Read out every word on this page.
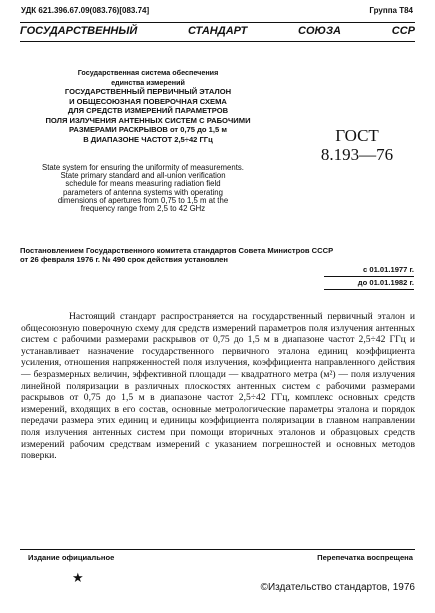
УДК 621.396.67.09(083.76)[083.74]	Группа Т84
ГОСУДАРСТВЕННЫЙ	СТАНДАРТ	СОЮЗА	ССР
Государственная система обеспечения
единства измерений
ГОСУДАРСТВЕННЫЙ ПЕРВИЧНЫЙ ЭТАЛОН
И ОБЩЕСОЮЗНАЯ ПОВЕРОЧНАЯ СХЕМА
ДЛЯ СРЕДСТВ ИЗМЕРЕНИЙ ПАРАМЕТРОВ
ПОЛЯ ИЗЛУЧЕНИЯ АНТЕННЫХ СИСТЕМ С РАБОЧИМИ
РАЗМЕРАМИ РАСКРЫВОВ от 0,75 до 1,5 м
В ДИАПАЗОНЕ ЧАСТОТ 2,5÷42 ГГц	ГОСТ
8.193—76
State system for ensuring the uniformity of measurements.
State primary standard and all-union verification
schedule for means measuring radiation field
parameters of antenna systems with operating
dimensions of apertures from 0,75 to 1,5 m at the
frequency range from 2,5 to 42 GHz
Постановлением Государственного комитета стандартов Совета Министров СССР
от 26 февраля 1976 г. № 490 срок действия установлен
с 01.01.1977 г.
до 01.01.1982 г.

Настоящий стандарт распространяется на государственный первичный эталон и общесоюзную поверочную схему для средств измерений параметров поля излучения антенных систем с рабочими размерами раскрывов от 0,75 до 1,5 м в диапазоне частот 2,5÷42 ГГц и устанавливает назначение государственного первичного эталона единиц коэффициента усиления, отношения напряженностей поля излучения, коэффициента направленного действия — безразмерных величин, эффективной площади — квадратного метра (м²) — поля излучения линейной поляризации в различных плоскостях антенных систем с рабочими размерами раскрывов от 0,75 до 1,5 м в диапазоне частот 2,5÷42 ГГц, комплекс основных средств измерений, входящих в его состав, основные метрологические параметры эталона и порядок передачи размера этих единиц и единицы коэффициента поляризации в главном направлении поля излучения антенных систем при помощи вторичных эталонов и образцовых средств измерений рабочим средствам измерений с указанием погрешностей и основных методов поверки.

Издание официальное	Перепечатка воспрещена
★
©Издательство стандартов, 1976
